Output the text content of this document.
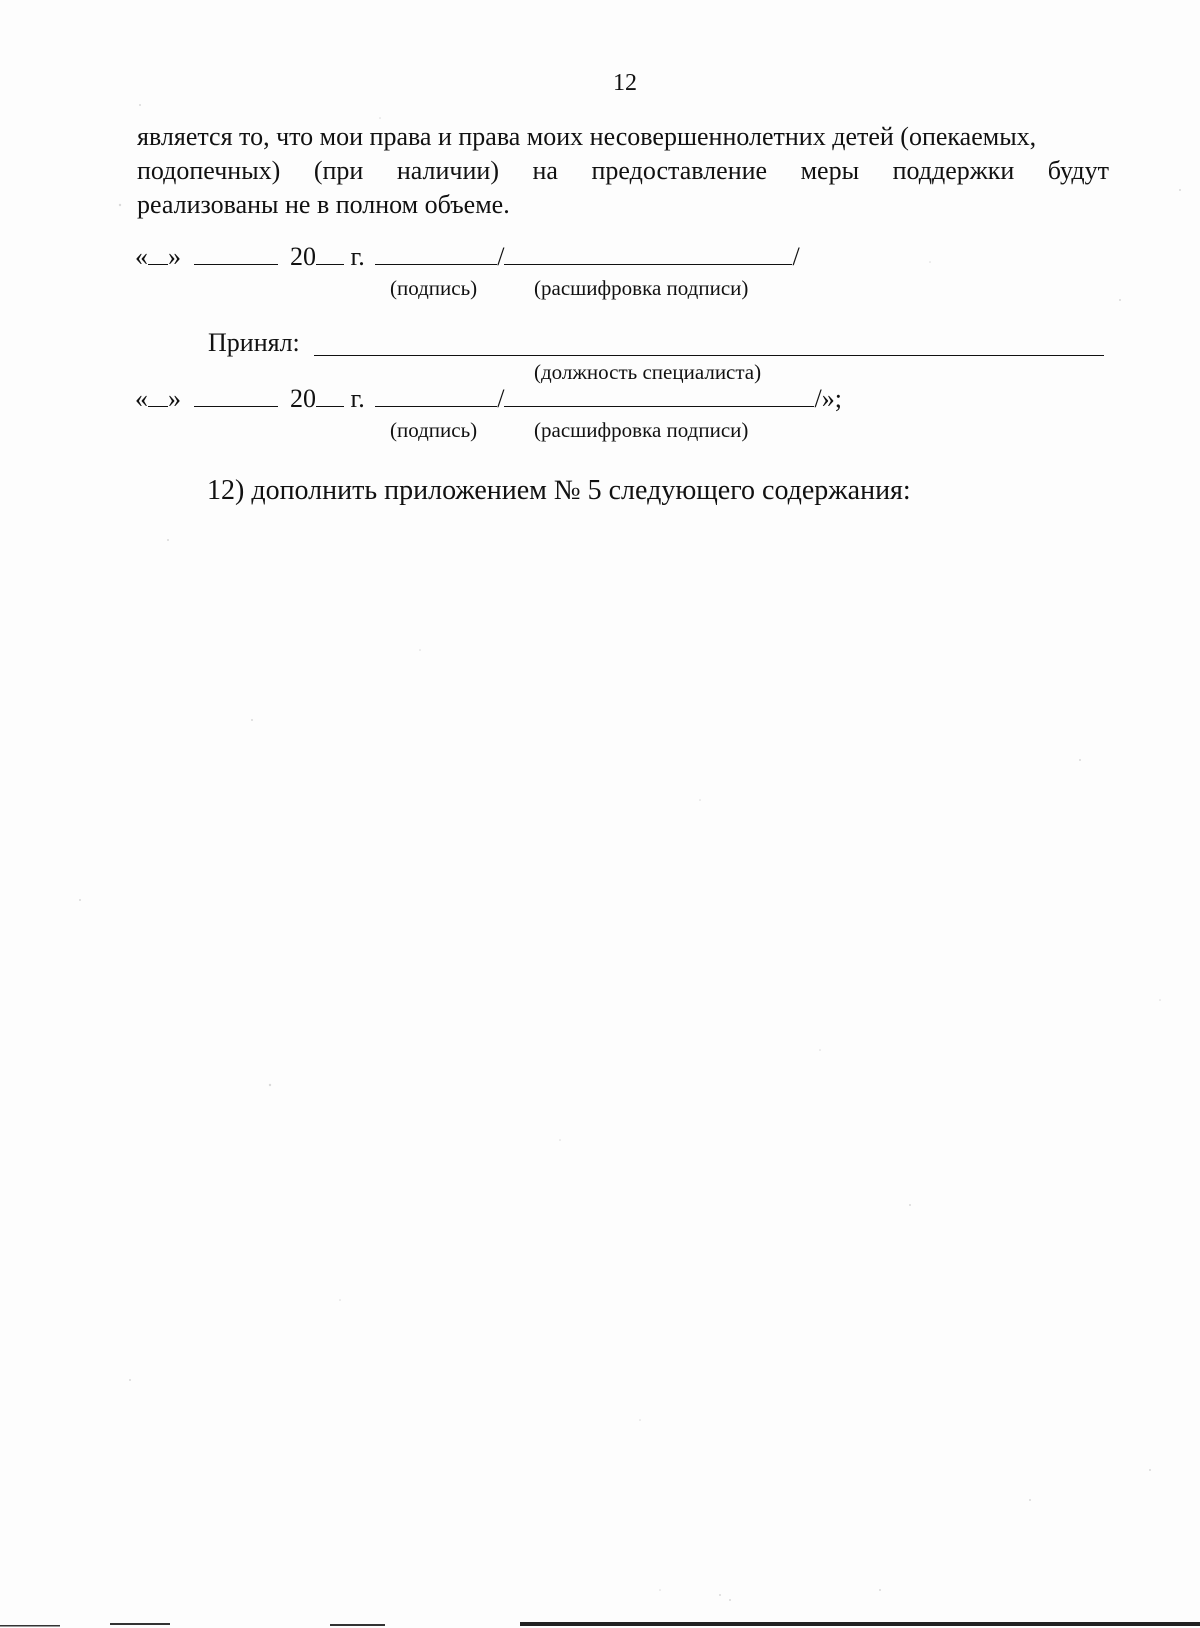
12
является то, что мои права и права моих несовершеннолетних детей (опекаемых,
подопечных) (при наличии) на предоставление меры поддержки будут
реализованы не в полном объеме.
« »	20 г.	/	/
(подпись)	(расшифровка подписи)
Принял:
(должность специалиста)
« »	20 г.	/	/»;
(подпись)	(расшифровка подписи)
12) дополнить приложением № 5 следующего содержания:
